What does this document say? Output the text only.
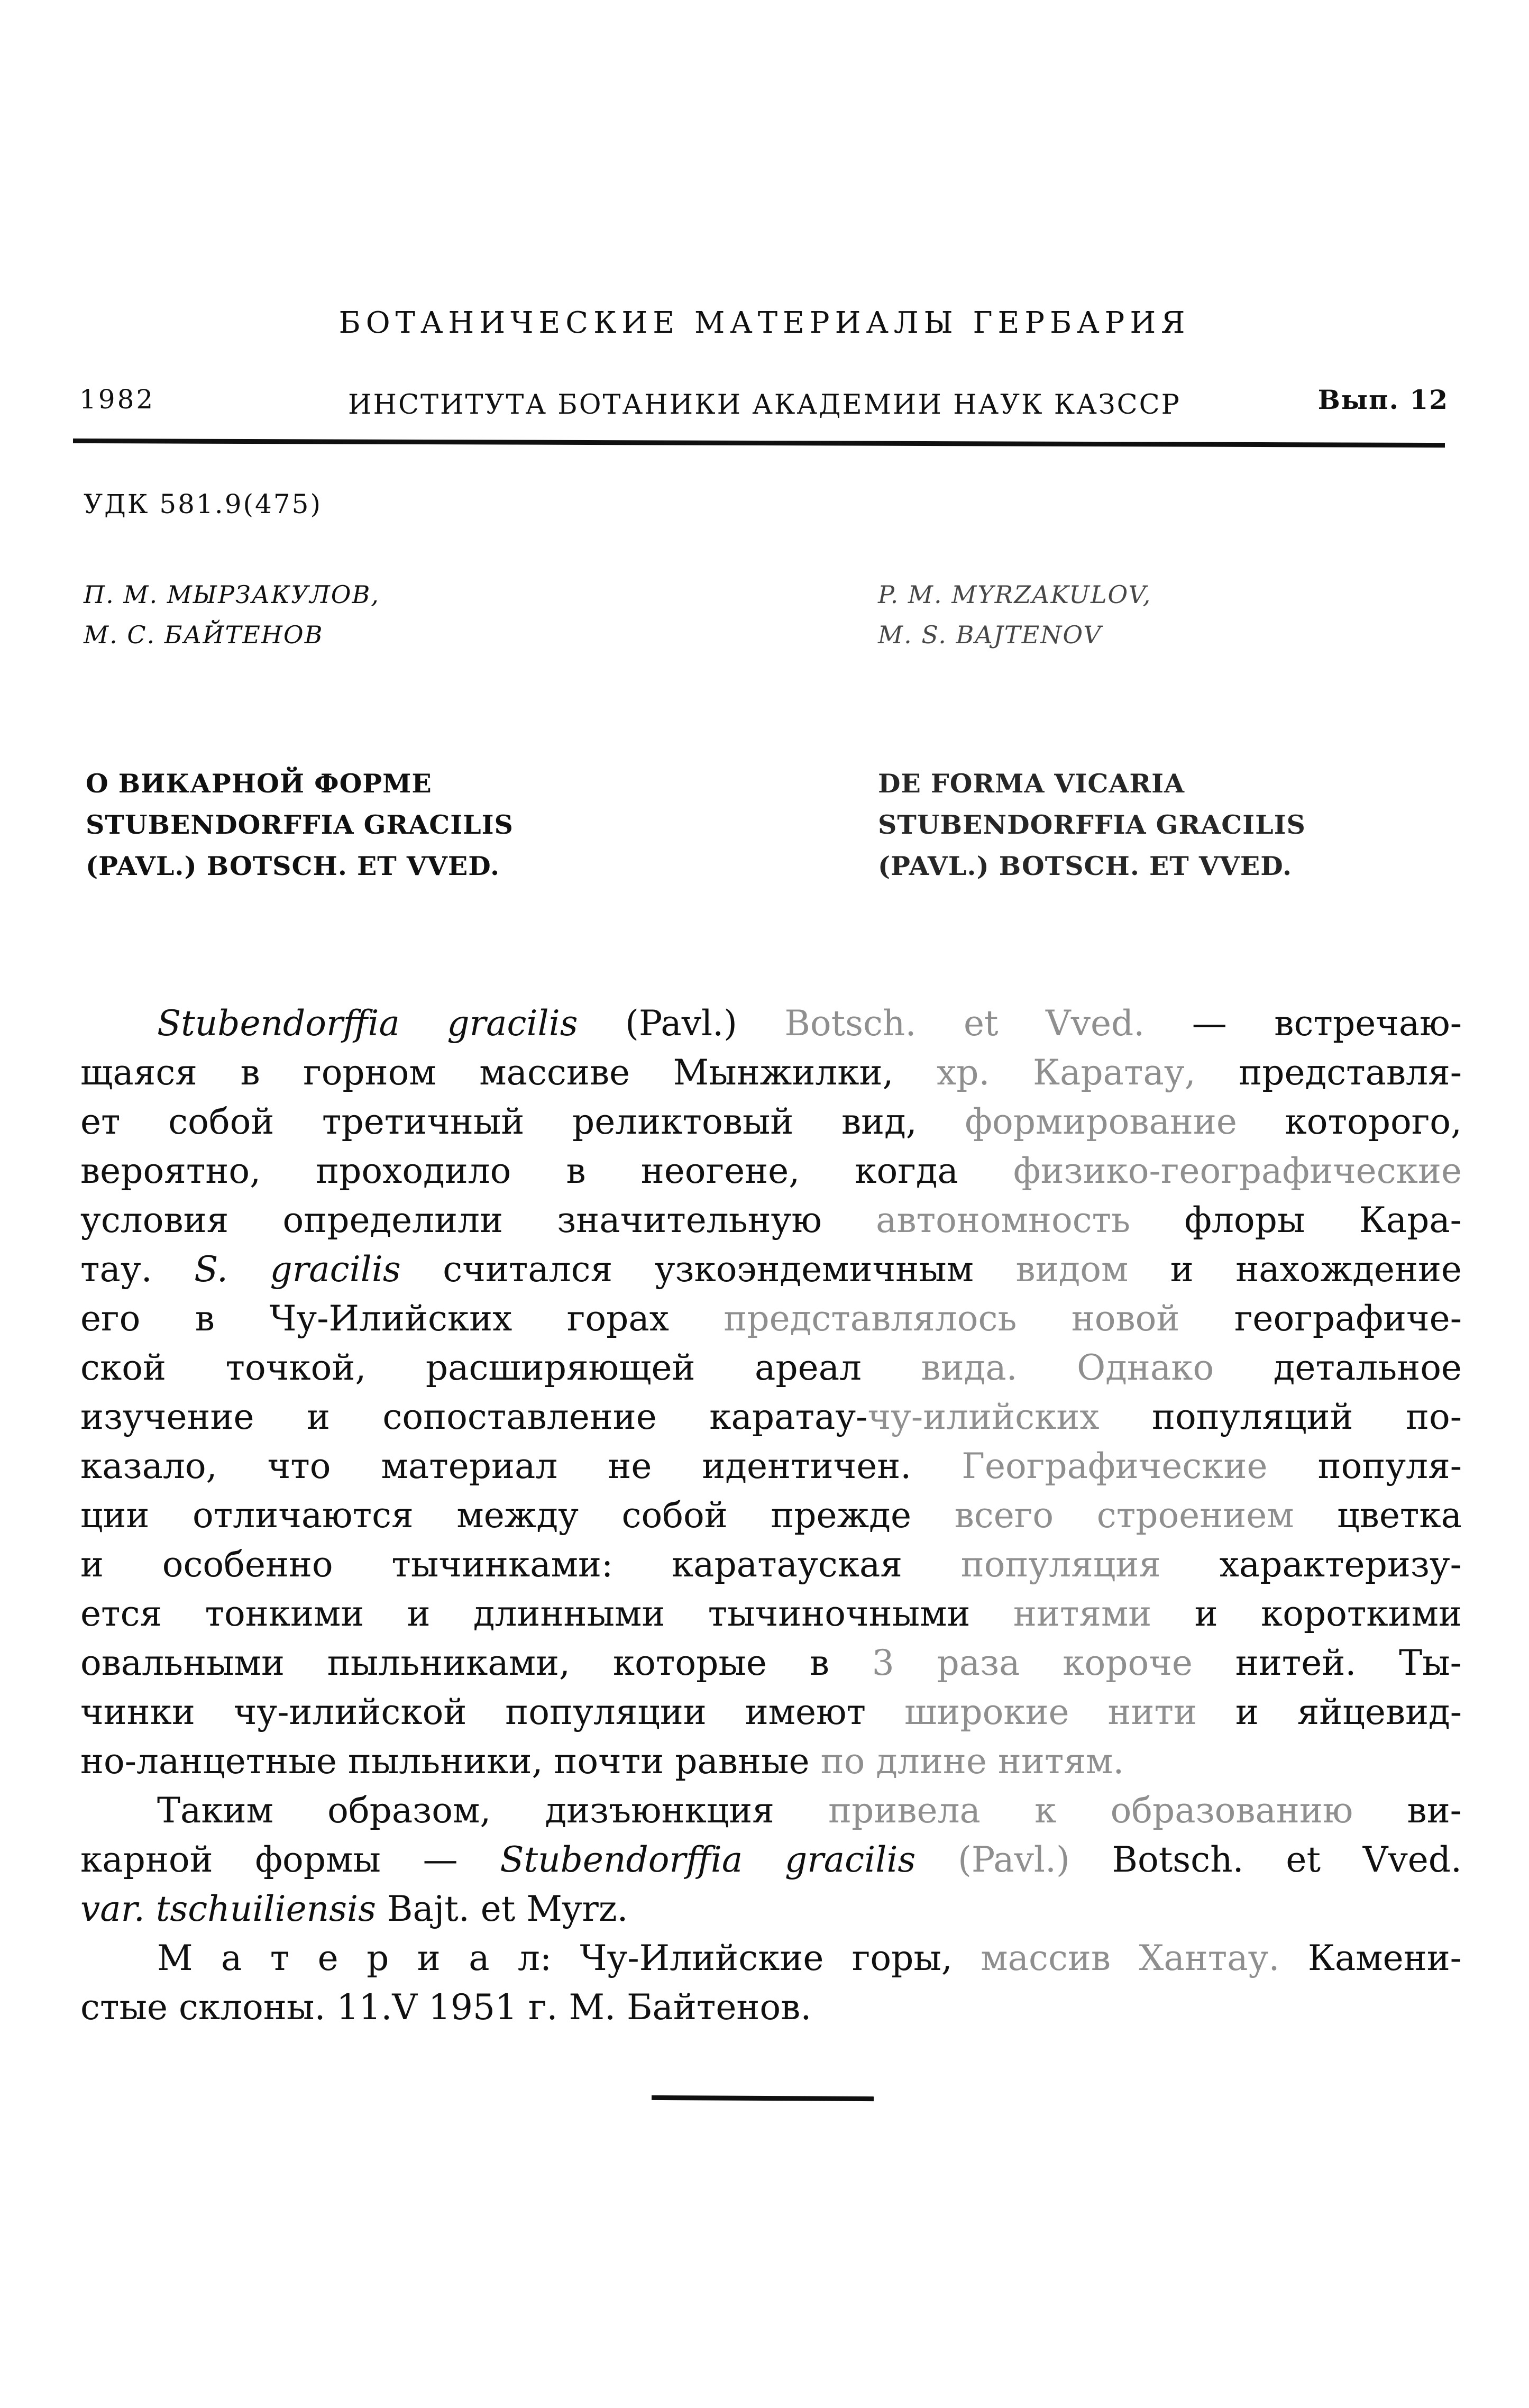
БОТАНИЧЕСКИЕ МАТЕРИАЛЫ ГЕРБАРИЯ
1982	ИНСТИТУТА БОТАНИКИ АКАДЕМИИ НАУК КАЗССР	Вып. 12
УДК 581.9(475)
П. М. МЫРЗАКУЛОВ,
М. С. БАЙТЕНОВ
P. M. MYRZAKULOV,
M. S. BAJTENOV
О ВИКАРНОЙ ФОРМЕ
STUBENDORFFIA GRACILIS
(PAVL.) BOTSCH. ET VVED.
DE FORMA VICARIA
STUBENDORFFIA GRACILIS
(PAVL.) BOTSCH. ET VVED.
Stubendorffia gracilis (Pavl.) Botsch. et Vved. — встречаю-
щаяся в горном массиве Мынжилки, хр. Каратау, представля-
ет собой третичный реликтовый вид, формирование которого,
вероятно, проходило в неогене, когда физико-географические
условия определили значительную автономность флоры Кара-
тау. S. gracilis считался узкоэндемичным видом и нахождение
его в Чу-Илийских горах представлялось новой географиче-
ской точкой, расширяющей ареал вида. Однако детальное
изучение и сопоставление каратау-чу-илийских популяций по-
казало, что материал не идентичен. Географические популя-
ции отличаются между собой прежде всего строением цветка
и особенно тычинками: каратауская популяция характеризу-
ется тонкими и длинными тычиночными нитями и короткими
овальными пыльниками, которые в 3 раза короче нитей. Ты-
чинки чу-илийской популяции имеют широкие нити и яйцевид-
но-ланцетные пыльники, почти равные по длине нитям.
Таким образом, дизъюнкция привела к образованию ви-
карной формы — Stubendorffia gracilis (Pavl.) Botsch. et Vved.
var. tschuiliensis Bajt. et Myrz.
М а т е р и а л: Чу-Илийские горы, массив Хантау. Камени-
стые склоны. 11.V 1951 г. М. Байтенов.
